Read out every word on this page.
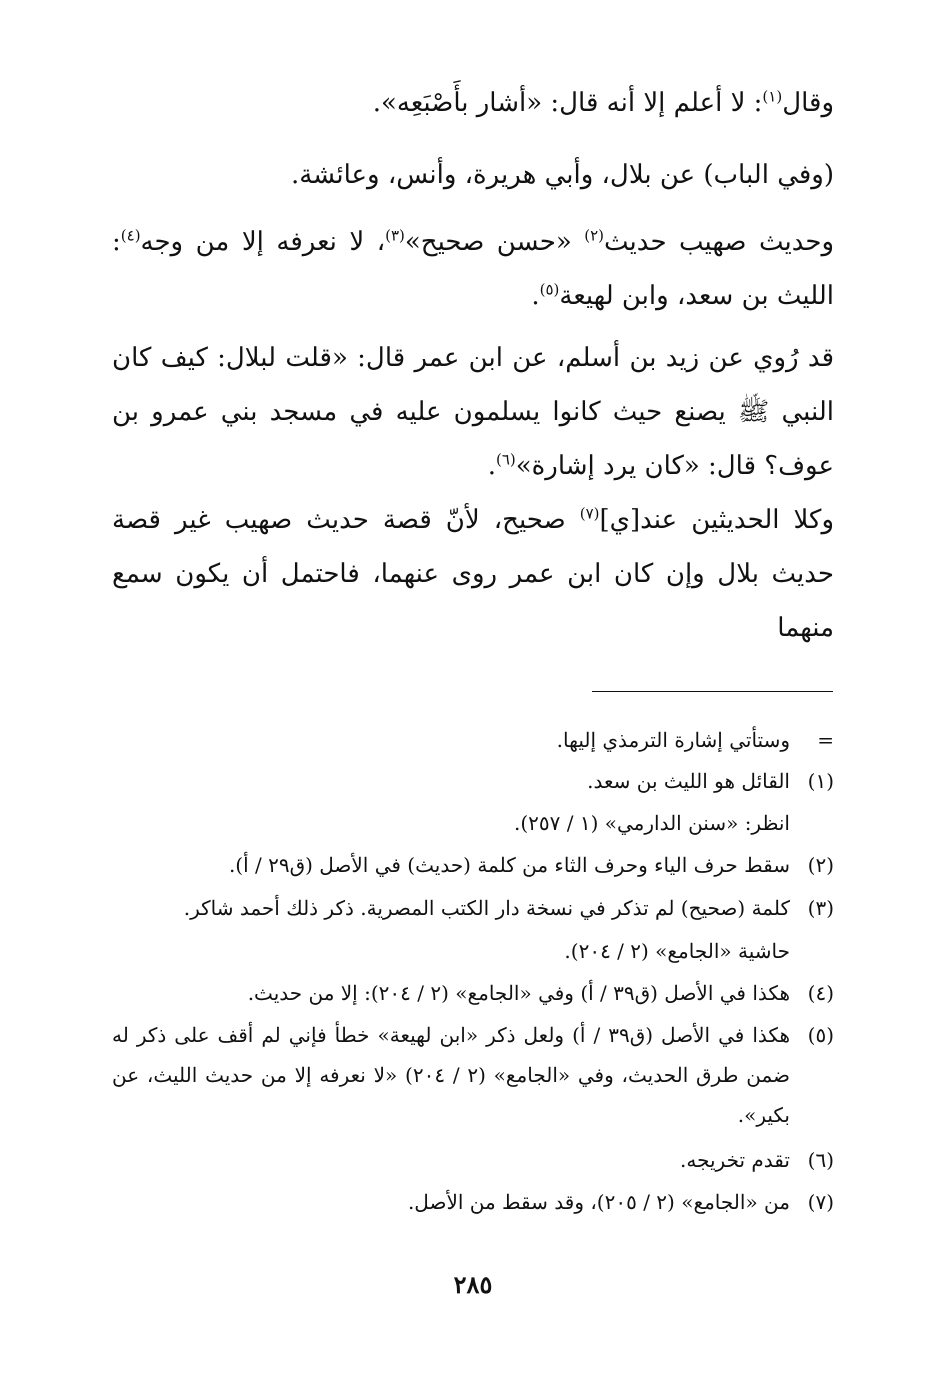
وقال$^{(١)}$: لا أعلم إلا أنه قال: «أشار بأَصْبَعِه».

(وفي الباب) عن بلال، وأبي هريرة، وأنس، وعائشة.

وحديث صهيب حديث$^{(٢)}$ «حسن صحيح»$^{(٣)}$، لا نعرفه إلا من وجه$^{(٤)}$: الليث بن سعد، وابن لهيعة$^{(٥)}$.

قد رُوي عن زيد بن أسلم، عن ابن عمر قال: «قلت لبلال: كيف كان النبي ﷺ يصنع حيث كانوا يسلمون عليه في مسجد بني عمرو بن عوف؟ قال: «كان يرد إشارة»$^{(٦)}$.

وكلا الحديثين عند[ي]$^{(٧)}$ صحيح، لأنّ قصة حديث صهيب غير قصة حديث بلال وإن كان ابن عمر روى عنهما، فاحتمل أن يكون سمع منهما

=
وستأتي إشارة الترمذي إليها.
(١)
القائل هو الليث بن سعد.
انظر: «سنن الدارمي» (١ / ٢٥٧).
(٢)
سقط حرف الياء وحرف الثاء من كلمة (حديث) في الأصل (ق٢٩ / أ).
(٣)
كلمة (صحيح) لم تذكر في نسخة دار الكتب المصرية. ذكر ذلك أحمد شاكر.
حاشية «الجامع» (٢ / ٢٠٤).
(٤)
هكذا في الأصل (ق٣٩ / أ) وفي «الجامع» (٢ / ٢٠٤): إلا من حديث.
(٥)
هكذا في الأصل (ق٣٩ / أ) ولعل ذكر «ابن لهيعة» خطأ فإني لم أقف على ذكر له ضمن طرق الحديث، وفي «الجامع» (٢ / ٢٠٤) «لا نعرفه إلا من حديث الليث، عن بكير».
(٦)
تقدم تخريجه.
(٧)
من «الجامع» (٢ / ٢٠٥)، وقد سقط من الأصل.
٢٨٥
